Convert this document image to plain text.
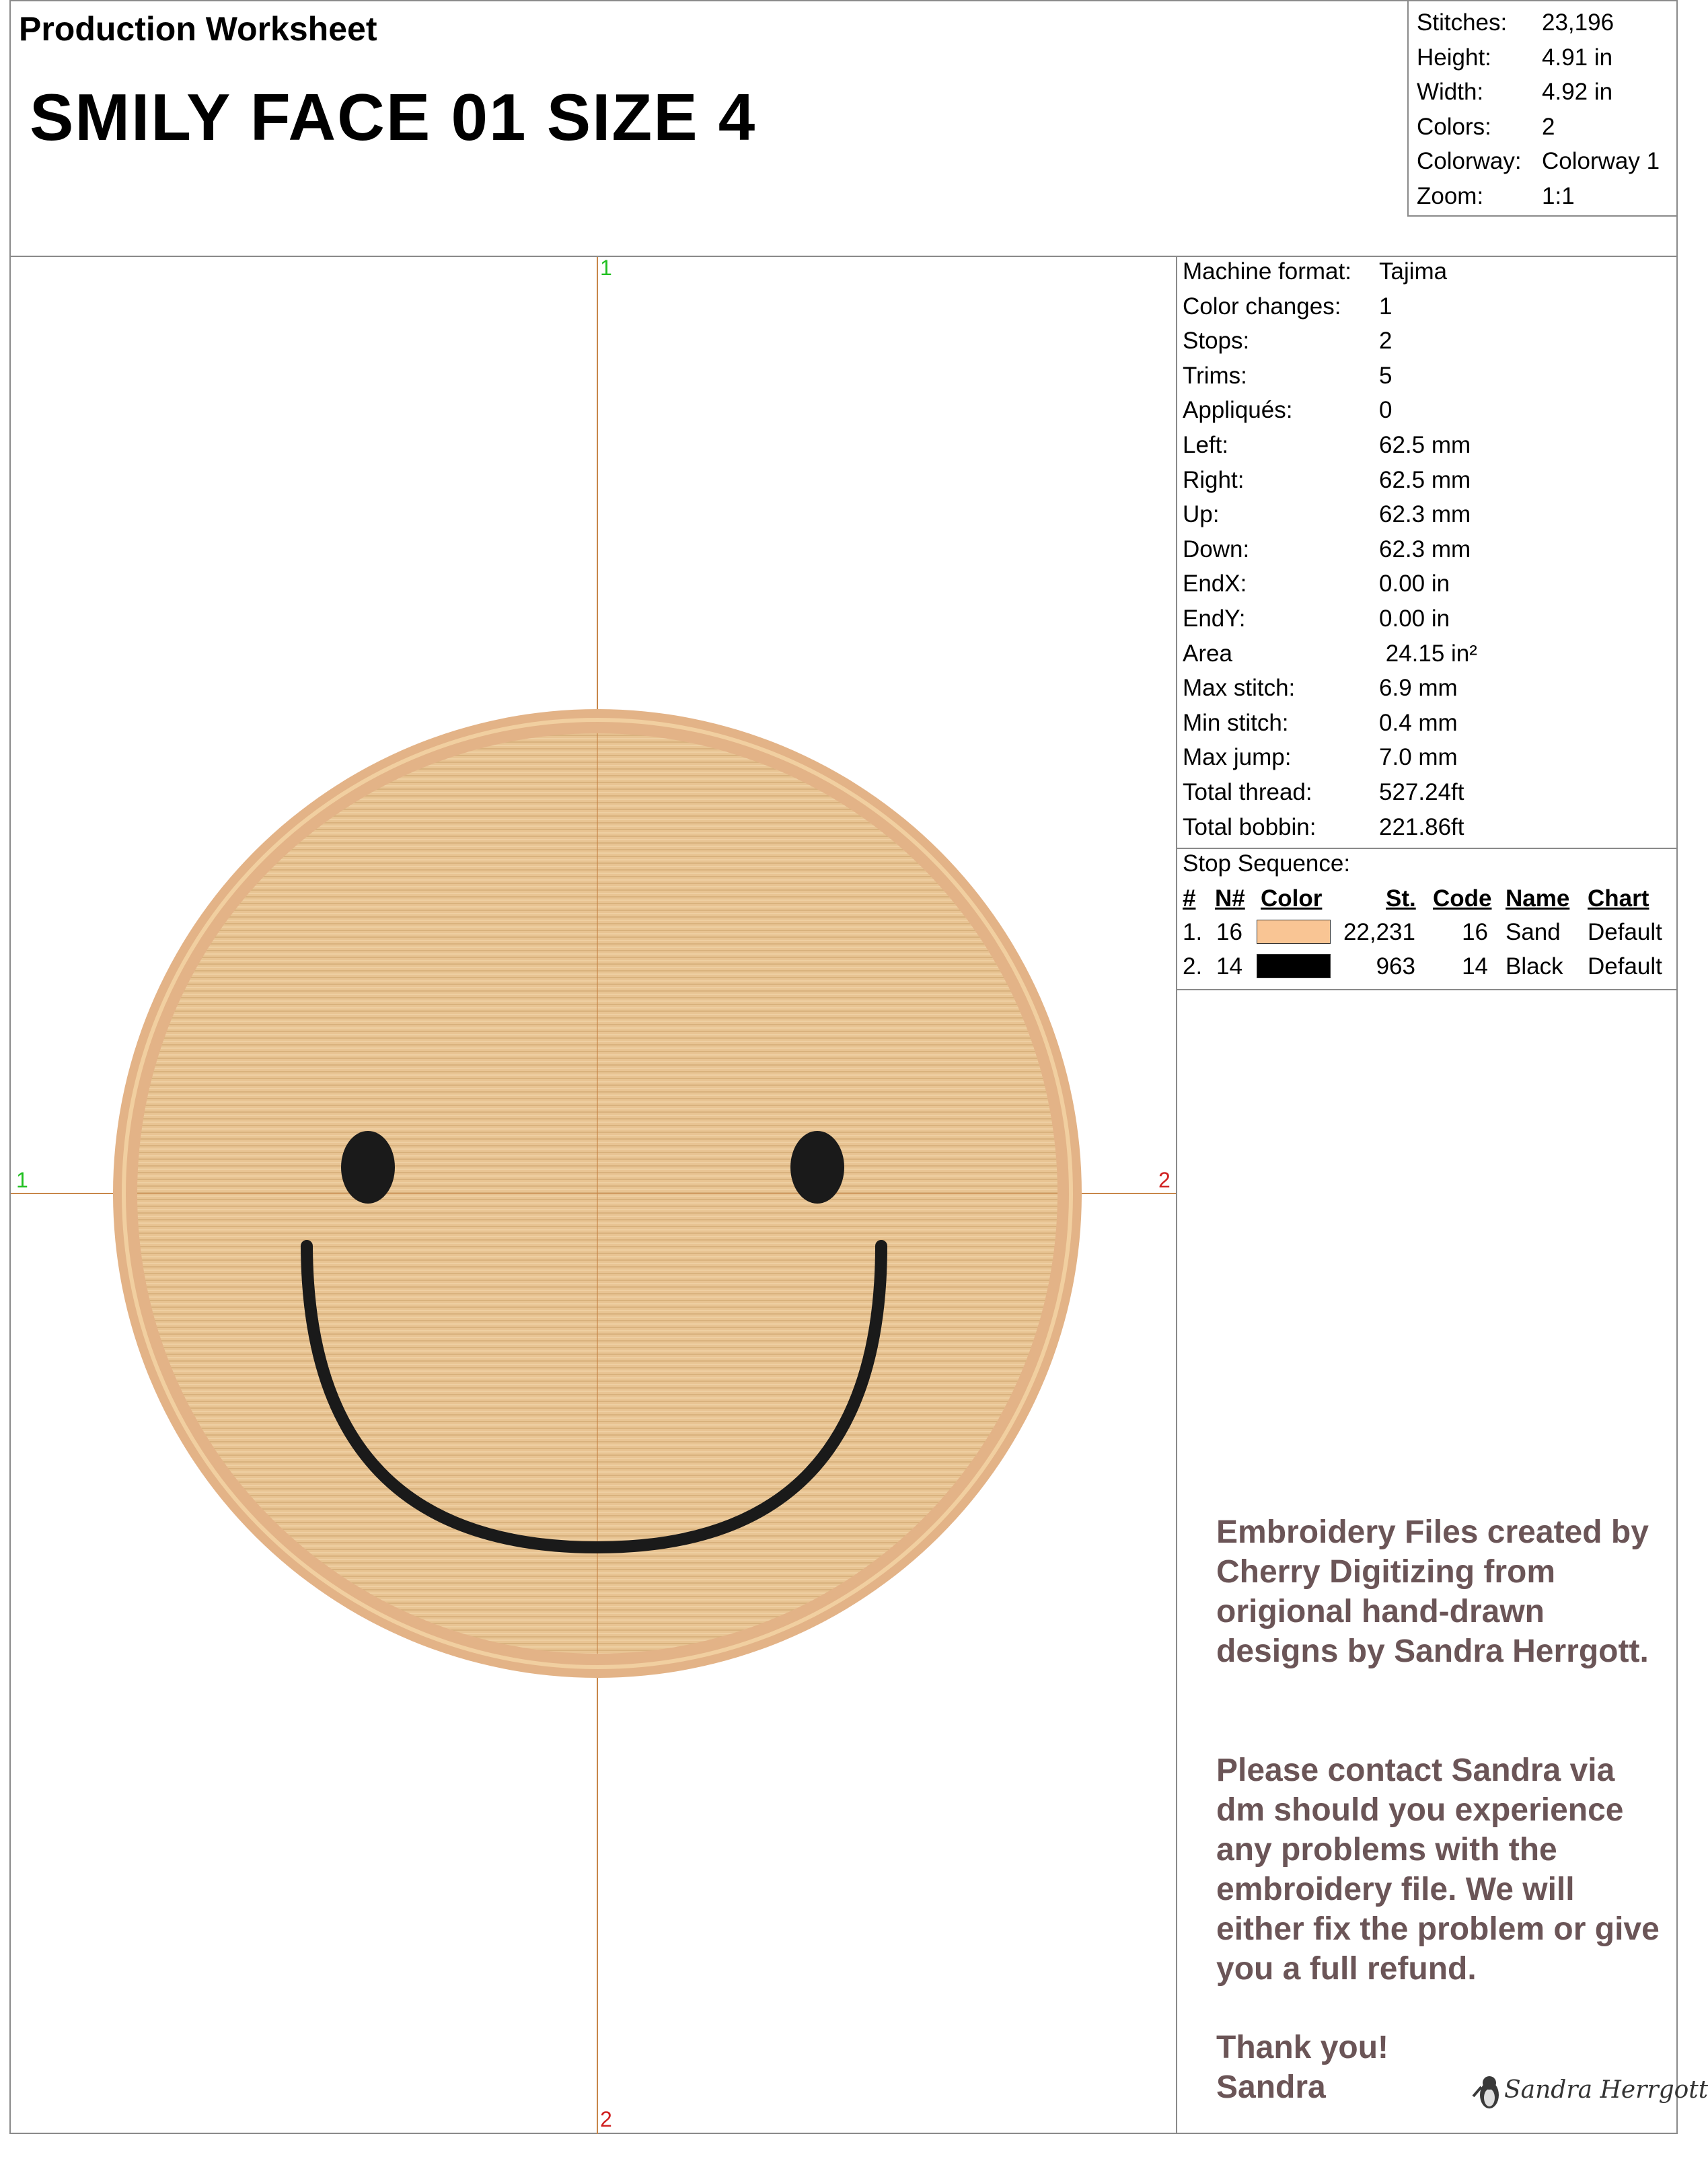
Production Worksheet
SMILY FACE 01 SIZE 4
Stitches: 23,196
Height: 4.91 in
Width: 4.92 in
Colors: 2
Colorway: Colorway 1
Zoom: 1:1
Machine format: Tajima
Color changes: 1
Stops:	2
Trims:	5
Appliqués:	0
Left:	62.5 mm
Right:	62.5 mm
Up:	62.3 mm
Down:	62.3 mm
EndX:	0.00 in
EndY:	0.00 in
Area	24.15 in²
Max stitch:	6.9 mm
Min stitch:	0.4 mm
Max jump:	7.0 mm
Total thread:	527.24ft
Total bobbin:	221.86ft
Stop Sequence:
# N# Color	St. Code Name Chart
1. 16	22,231 16 Sand Default
2. 14	963 14 Black Default
1
2
1	2
Embroidery Files created by Cherry Digitizing from origional hand-drawn designs by Sandra Herrgott.
Please contact Sandra via dm should you experience any problems with the embroidery file. We will either fix the problem or give you a full refund.
Thank you!
Sandra	Sandra Herrgott
